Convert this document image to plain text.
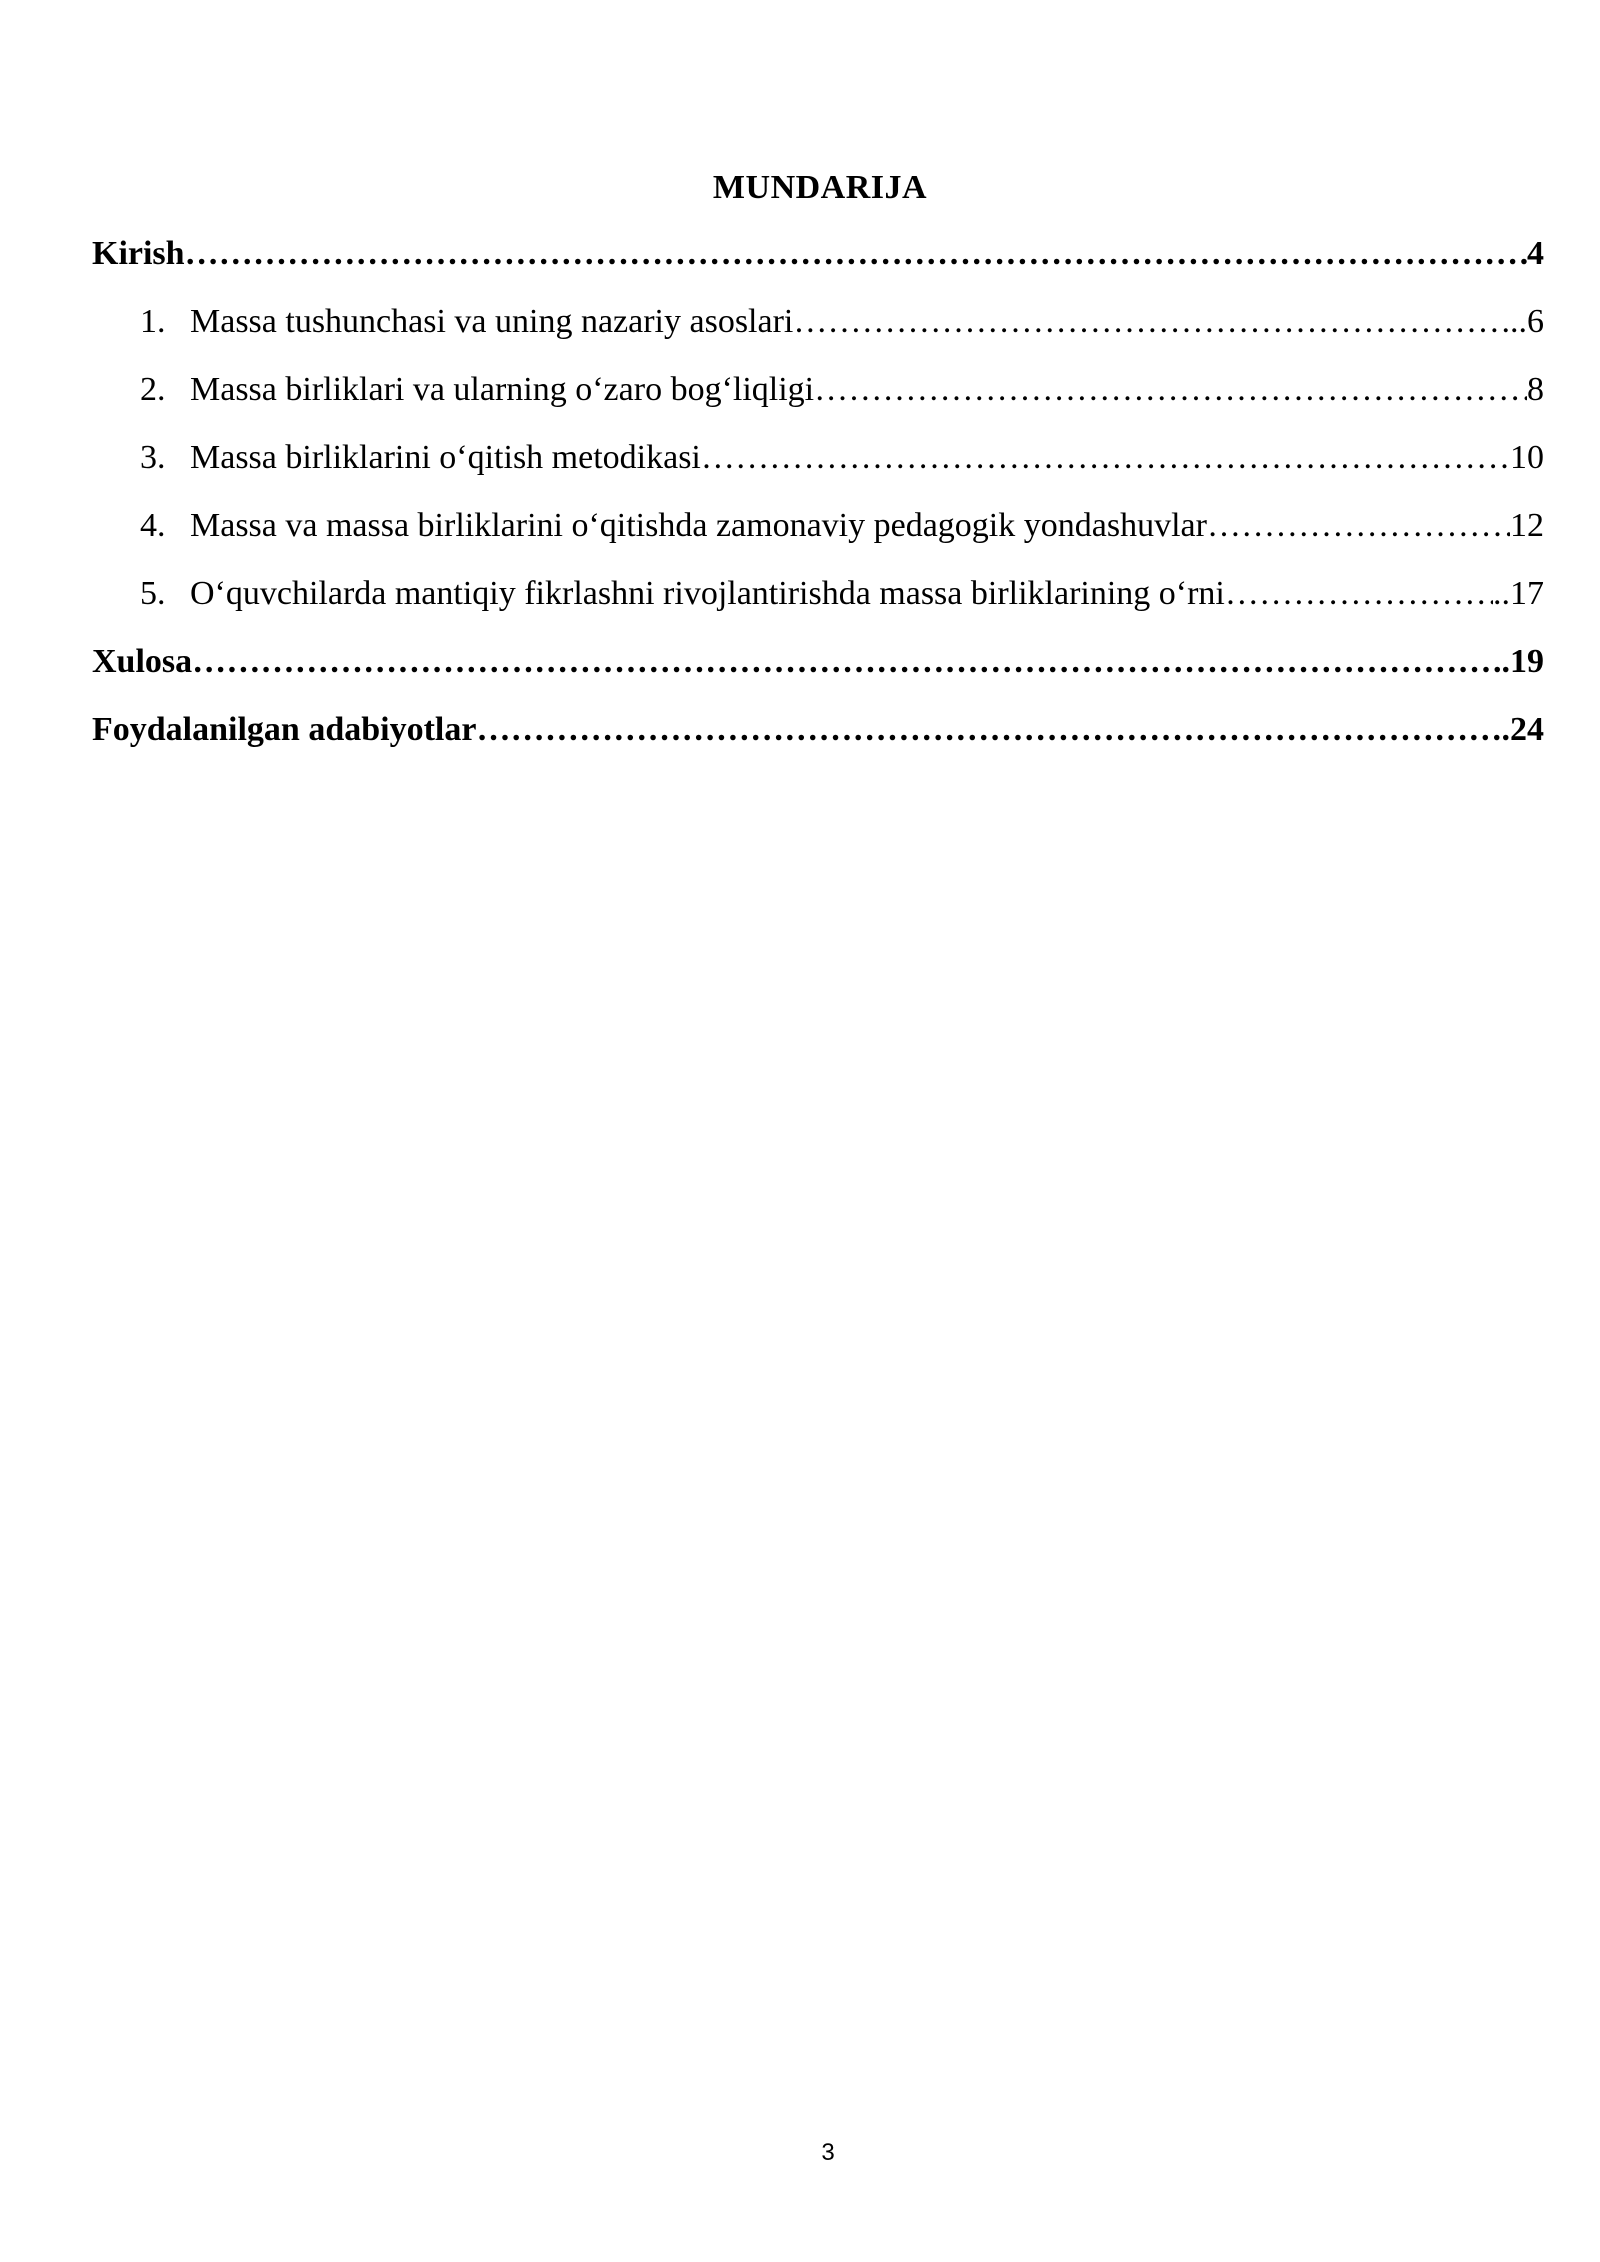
MUNDARIJA
Kirish …………………………………………………………………………………………………………………………………………………………………………………………………	4
1. Massa tushunchasi va uning nazariy asoslari …………………………………………………………………………………………………………………………………………………………………………………………………	..6
2. Massa birliklari va ularning o‘zaro bog‘liqligi …………………………………………………………………………………………………………………………………………………………………………………………………	8
3. Massa birliklarini o‘qitish metodikasi …………………………………………………………………………………………………………………………………………………………………………………………………	10
4. Massa va massa birliklarini o‘qitishda zamonaviy pedagogik yondashuvlar …………………………………………………………………………………………………………………………………………………………………………………………………	12
5. O‘quvchilarda mantiqiy fikrlashni rivojlantirishda massa birliklarining o‘rni …………………………………………………………………………………………………………………………………………………………………………………………………	..17
Xulosa …………………………………………………………………………………………………………………………………………………………………………………………………	..19
Foydalanilgan adabiyotlar …………………………………………………………………………………………………………………………………………………………………………………………………	.24
3
